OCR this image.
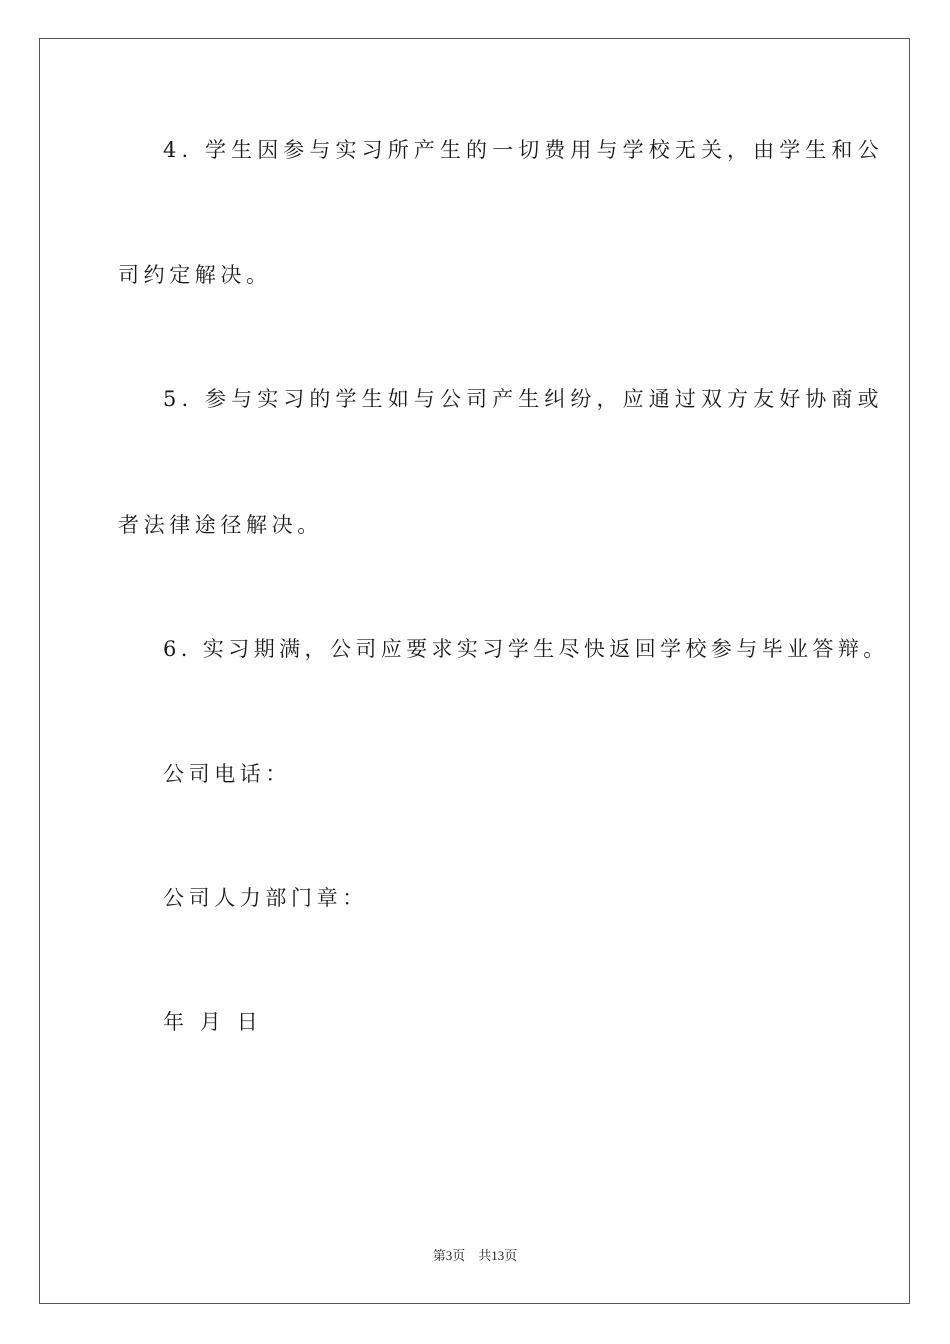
4. 学生因参与实习所产生的一切费用与学校无关，由学生和公
司约定解决。
5. 参与实习的学生如与公司产生纠纷，应通过双方友好协商或
者法律途径解决。
6. 实习期满，公司应要求实习学生尽快返回学校参与毕业答辩。
公司电话：
公司人力部门章：
年 月 日
第3页　共13页
